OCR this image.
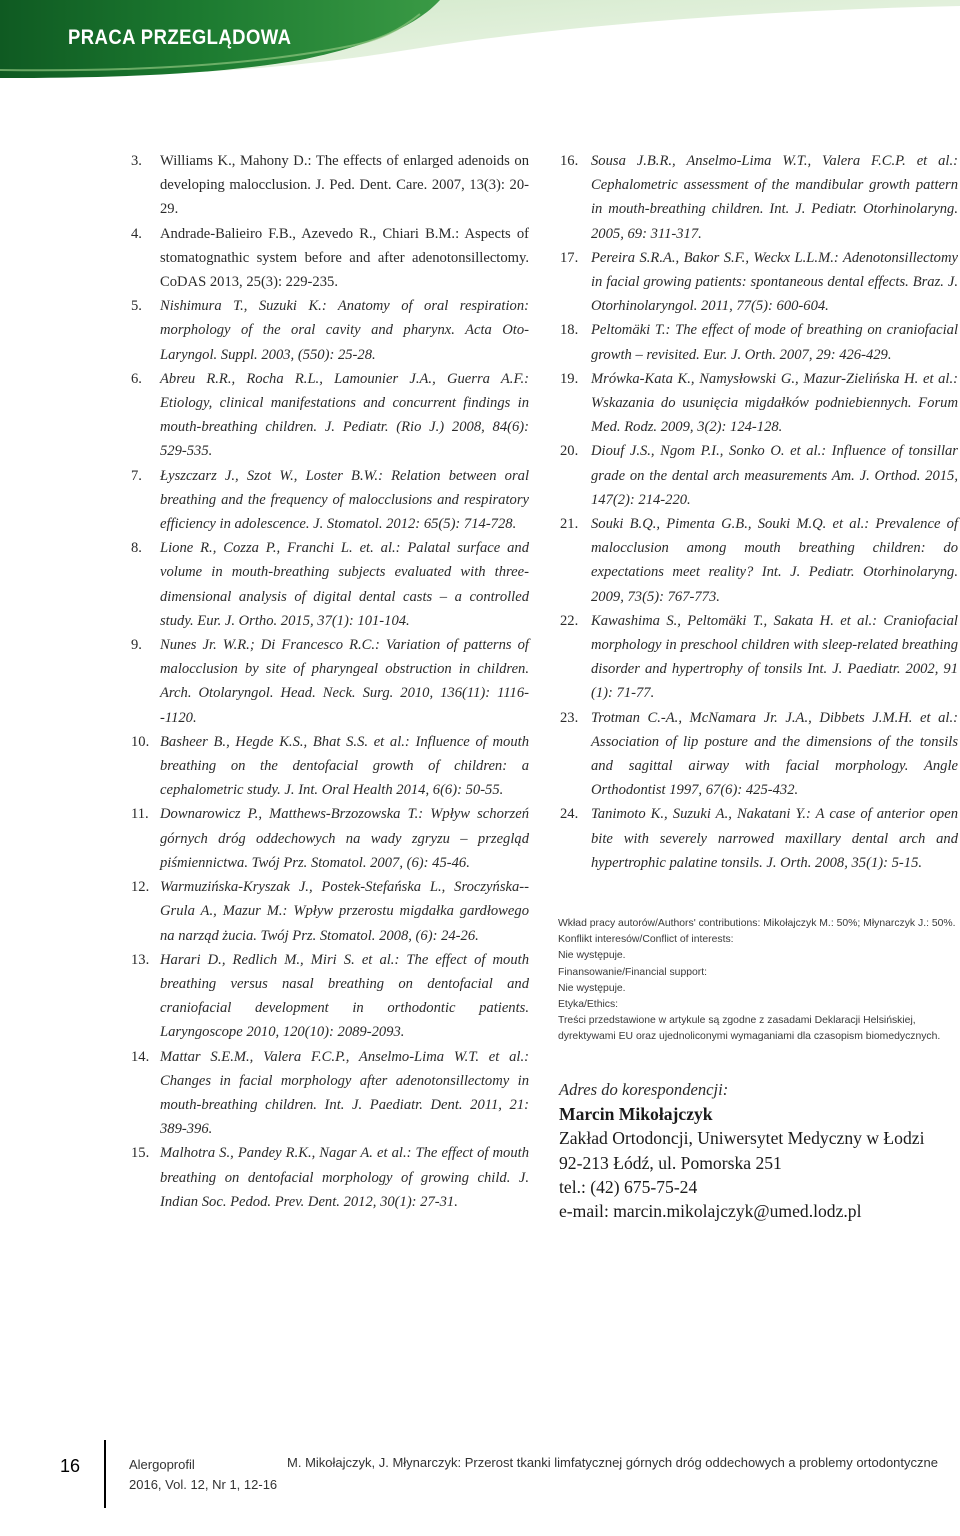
PRACA PRZEGLĄDOWA
3. Williams K., Mahony D.: The effects of enlarged adenoids on developing malocclusion. J. Ped. Dent. Care. 2007, 13(3): 20-29.
4. Andrade-Balieiro F.B., Azevedo R., Chiari B.M.: Aspects of stomatognathic system before and after adenotonsillectomy. CoDAS 2013, 25(3): 229-235.
5. Nishimura T., Suzuki K.: Anatomy of oral respiration: morphology of the oral cavity and pharynx. Acta Oto-Laryngol. Suppl. 2003, (550): 25-28.
6. Abreu R.R., Rocha R.L., Lamounier J.A., Guerra A.F.: Etiology, clinical manifestations and concurrent findings in mouth-breathing children. J. Pediatr. (Rio J.) 2008, 84(6): 529-535.
7. Łyszczarz J., Szot W., Loster B.W.: Relation between oral breathing and the frequency of malocclusions and respiratory efficiency in adolescence. J. Stomatol. 2012: 65(5): 714-728.
8. Lione R., Cozza P., Franchi L. et. al.: Palatal surface and volume in mouth-breathing subjects evaluated with three-dimensional analysis of digital dental casts – a controlled study. Eur. J. Ortho. 2015, 37(1): 101-104.
9. Nunes Jr. W.R.; Di Francesco R.C.: Variation of patterns of malocclusion by site of pharyngeal obstruction in children. Arch. Otolaryngol. Head. Neck. Surg. 2010, 136(11): 1116--1120.
10. Basheer B., Hegde K.S., Bhat S.S. et al.: Influence of mouth breathing on the dentofacial growth of children: a cephalometric study. J. Int. Oral Health 2014, 6(6): 50-55.
11. Downarowicz P., Matthews-Brzozowska T.: Wpływ schorzeń górnych dróg oddechowych na wady zgryzu – przegląd piśmiennictwa. Twój Prz. Stomatol. 2007, (6): 45-46.
12. Warmuzińska-Kryszak J., Postek-Stefańska L., Sroczyńska--Grula A., Mazur M.: Wpływ przerostu migdałka gardłowego na narząd żucia. Twój Prz. Stomatol. 2008, (6): 24-26.
13. Harari D., Redlich M., Miri S. et al.: The effect of mouth breathing versus nasal breathing on dentofacial and craniofacial development in orthodontic patients. Laryngoscope 2010, 120(10): 2089-2093.
14. Mattar S.E.M., Valera F.C.P., Anselmo-Lima W.T. et al.: Changes in facial morphology after adenotonsillectomy in mouth-breathing children. Int. J. Paediatr. Dent. 2011, 21: 389-396.
15. Malhotra S., Pandey R.K., Nagar A. et al.: The effect of mouth breathing on dentofacial morphology of growing child. J. Indian Soc. Pedod. Prev. Dent. 2012, 30(1): 27-31.
16. Sousa J.B.R., Anselmo-Lima W.T., Valera F.C.P. et al.: Cephalometric assessment of the mandibular growth pattern in mouth-breathing children. Int. J. Pediatr. Otorhinolaryng. 2005, 69: 311-317.
17. Pereira S.R.A., Bakor S.F., Weckx L.L.M.: Adenotonsillectomy in facial growing patients: spontaneous dental effects. Braz. J. Otorhinolaryngol. 2011, 77(5): 600-604.
18. Peltomäki T.: The effect of mode of breathing on craniofacial growth – revisited. Eur. J. Orth. 2007, 29: 426-429.
19. Mrówka-Kata K., Namysłowski G., Mazur-Zielińska H. et al.: Wskazania do usunięcia migdałków podniebiennych. Forum Med. Rodz. 2009, 3(2): 124-128.
20. Diouf J.S., Ngom P.I., Sonko O. et al.: Influence of tonsillar grade on the dental arch measurements Am. J. Orthod. 2015, 147(2): 214-220.
21. Souki B.Q., Pimenta G.B., Souki M.Q. et al.: Prevalence of malocclusion among mouth breathing children: do expectations meet reality? Int. J. Pediatr. Otorhinolaryng. 2009, 73(5): 767-773.
22. Kawashima S., Peltomäki T., Sakata H. et al.: Craniofacial morphology in preschool children with sleep-related breathing disorder and hypertrophy of tonsils Int. J. Paediatr. 2002, 91 (1): 71-77.
23. Trotman C.-A., McNamara Jr. J.A., Dibbets J.M.H. et al.: Association of lip posture and the dimensions of the tonsils and sagittal airway with facial morphology. Angle Orthodontist 1997, 67(6): 425-432.
24. Tanimoto K., Suzuki A., Nakatani Y.: A case of anterior open bite with severely narrowed maxillary dental arch and hypertrophic palatine tonsils. J. Orth. 2008, 35(1): 5-15.
Wkład pracy autorów/Authors' contributions: Mikołajczyk M.: 50%; Młynarczyk J.: 50%.
Konflikt interesów/Conflict of interests:
Nie występuje.
Finansowanie/Financial support:
Nie występuje.
Etyka/Ethics:
Treści przedstawione w artykule są zgodne z zasadami Deklaracji Helsińskiej, dyrektywami EU oraz ujednoliconymi wymaganiami dla czasopism biomedycznych.
Adres do korespondencji:
Marcin Mikołajczyk
Zakład Ortodoncji, Uniwersytet Medyczny w Łodzi
92-213 Łódź, ul. Pomorska 251
tel.: (42) 675-75-24
e-mail: marcin.mikolajczyk@umed.lodz.pl
16	Alergoprofil
2016, Vol. 12, Nr 1, 12-16
M. Mikołajczyk, J. Młynarczyk: Przerost tkanki limfatycznej górnych dróg oddechowych a problemy ortodontyczne
